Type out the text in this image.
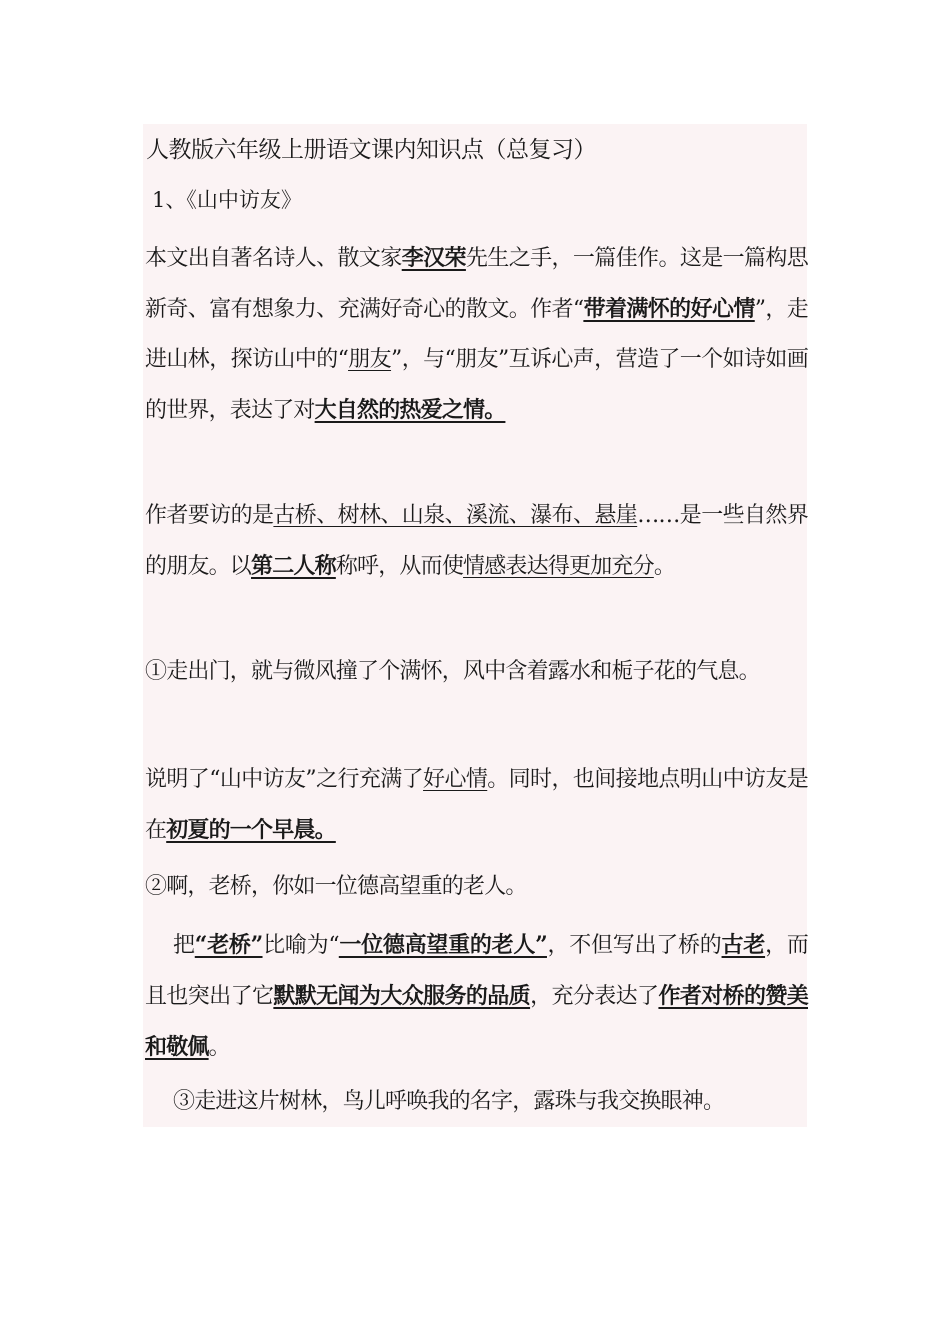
人教版六年级上册语文课内知识点（总复习）
1、《山中访友》
本文出自著名诗人、散文家李汉荣先生之手，一篇佳作。这是一篇构思新奇、富有想象力、充满好奇心的散文。作者“带着满怀的好心情”，走进山林，探访山中的“朋友”，与“朋友”互诉心声，营造了一个如诗如画的世界，表达了对大自然的热爱之情。
作者要访的是古桥、树林、山泉、溪流、瀑布、悬崖……是一些自然界的朋友。以第二人称称呼，从而使情感表达得更加充分。
①走出门，就与微风撞了个满怀，风中含着露水和栀子花的气息。
说明了“山中访友”之行充满了好心情。同时，也间接地点明山中访友是在初夏的一个早晨。
②啊，老桥，你如一位德高望重的老人。
把“老桥”比喻为“一位德高望重的老人”，不但写出了桥的古老，而且也突出了它默默无闻为大众服务的品质，充分表达了作者对桥的赞美和敬佩。
③走进这片树林，鸟儿呼唤我的名字，露珠与我交换眼神。
